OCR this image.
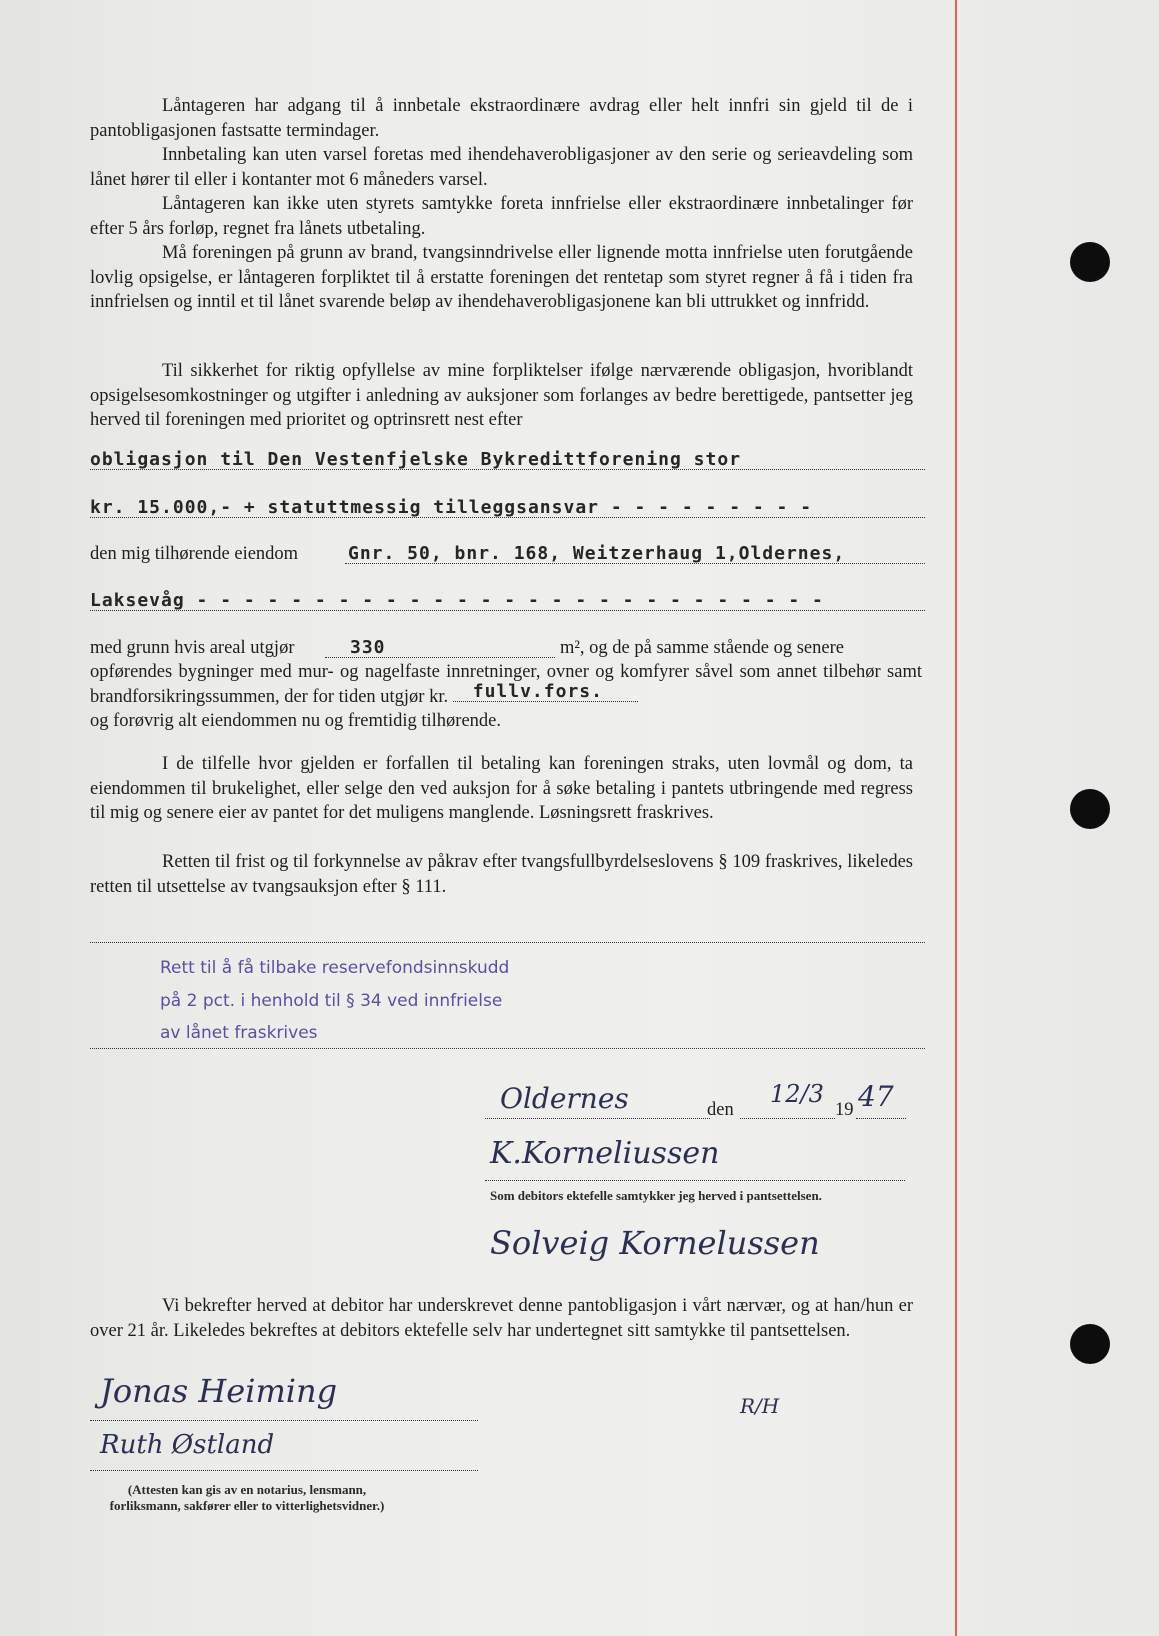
Låntageren har adgang til å innbetale ekstraordinære avdrag eller helt innfri sin gjeld til de i pantobligasjonen fastsatte termindager.

Innbetaling kan uten varsel foretas med ihendehaverobligasjoner av den serie og serieavdeling som lånet hører til eller i kontanter mot 6 måneders varsel.

Låntageren kan ikke uten styrets samtykke foreta innfrielse eller ekstraordinære innbetalinger før efter 5 års forløp, regnet fra lånets utbetaling.

Må foreningen på grunn av brand, tvangsinndrivelse eller lignende motta innfrielse uten forutgående lovlig opsigelse, er låntageren forpliktet til å erstatte foreningen det rentetap som styret regner å få i tiden fra innfrielsen og inntil et til lånet svarende beløp av ihendehaverobligasjonene kan bli uttrukket og innfridd.

Til sikkerhet for riktig opfyllelse av mine forpliktelser ifølge nærværende obligasjon, hvoriblandt opsigelsesomkostninger og utgifter i anledning av auksjoner som forlanges av bedre berettigede, pantsetter jeg herved til foreningen med prioritet og optrinsrett nest efter

obligasjon til Den Vestenfjelske Bykredittforening stor
kr. 15.000,- + statuttmessig tilleggsansvar - - - - - - - - -
den mig tilhørende eiendom	Gnr. 50, bnr. 168, Weitzerhaug 1,Oldernes,
Laksevåg - - - - - - - - - - - - - - - - - - - - - - - - - - -
med grunn hvis areal utgjør	330	m², og de på samme stående og senere

opførendes bygninger med mur- og nagelfaste innretninger, ovner og komfyrer såvel som annet tilbehør samt brandforsikringssummen, der for tiden utgjør kr. fullv.fors.

og forøvrig alt eiendommen nu og fremtidig tilhørende.

I de tilfelle hvor gjelden er forfallen til betaling kan foreningen straks, uten lovmål og dom, ta eiendommen til brukelighet, eller selge den ved auksjon for å søke betaling i pantets utbringende med regress til mig og senere eier av pantet for det muligens manglende. Løsningsrett fraskrives.

Retten til frist og til forkynnelse av påkrav efter tvangsfullbyrdelseslovens § 109 fraskrives, likeledes retten til utsettelse av tvangsauksjon efter § 111.

Rett til å få tilbake reservefondsinnskudd
på 2 pct. i henhold til § 34 ved innfrielse
av lånet fraskrives
Oldernes	den
12/3
19 47
K.Korneliussen
Som debitors ektefelle samtykker jeg herved i pantsettelsen.
Solveig Kornelussen

Vi bekrefter herved at debitor har underskrevet denne pantobligasjon i vårt nærvær, og at han/hun er over 21 år. Likeledes bekreftes at debitors ektefelle selv har undertegnet sitt samtykke til pantsettelsen.

Jonas Heiming
Ruth Østland
R/H
(Attesten kan gis av en notarius, lensmann, forliksmann, sakfører eller to vitterlighetsvidner.)
